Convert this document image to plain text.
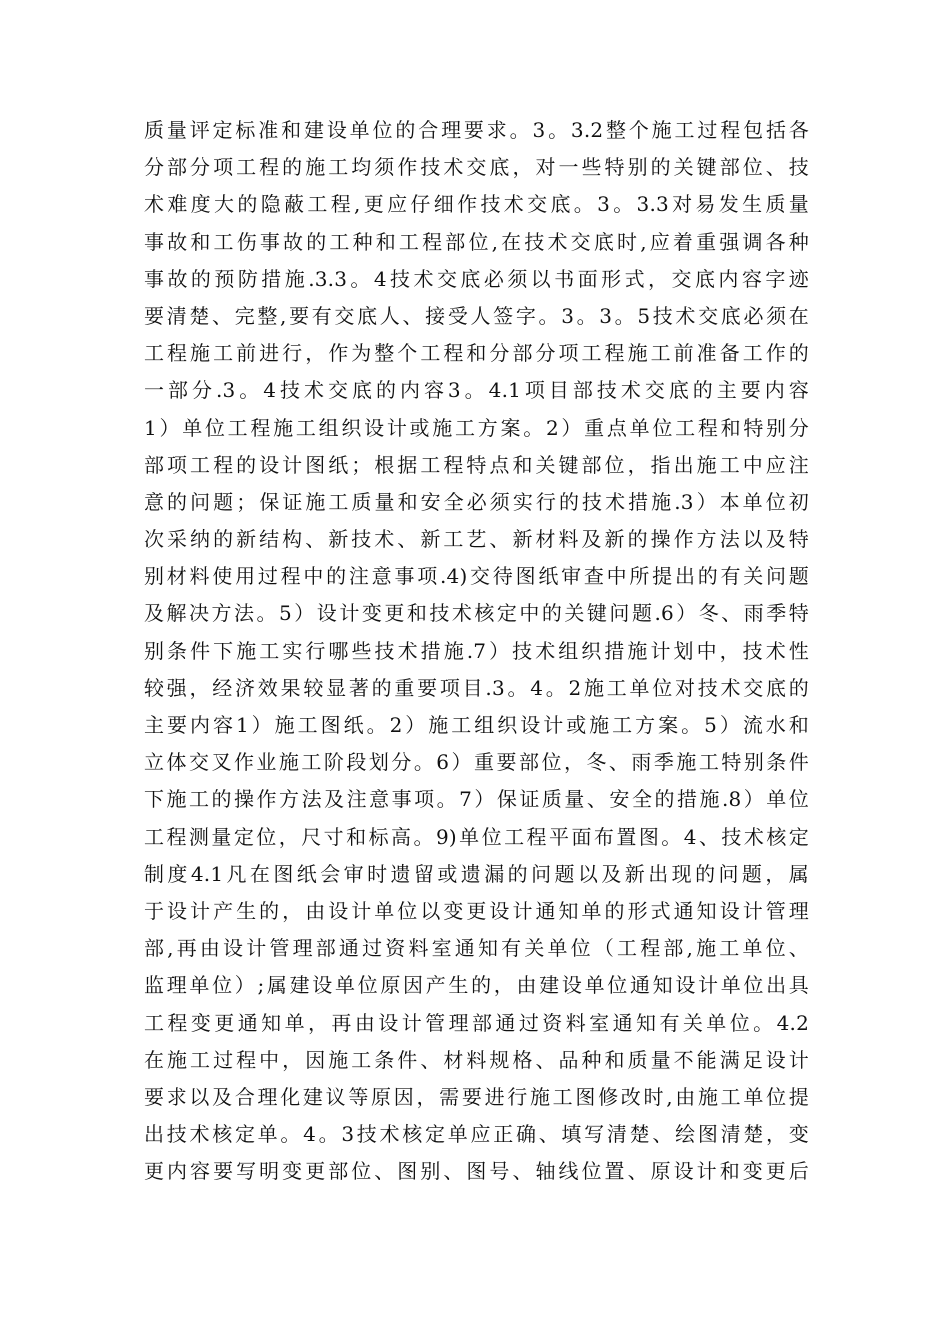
质量评定标准和建设单位的合理要求。3。3.2整个施工过程包括各
分部分项工程的施工均须作技术交底，对一些特别的关键部位、技
术难度大的隐蔽工程,更应仔细作技术交底。3。3.3对易发生质量
事故和工伤事故的工种和工程部位,在技术交底时,应着重强调各种
事故的预防措施.3.3。4技术交底必须以书面形式，交底内容字迹
要清楚、完整,要有交底人、接受人签字。3。3。5技术交底必须在
工程施工前进行，作为整个工程和分部分项工程施工前准备工作的
一部分.3。4技术交底的内容3。4.1项目部技术交底的主要内容
1）单位工程施工组织设计或施工方案。2）重点单位工程和特别分
部项工程的设计图纸；根据工程特点和关键部位，指出施工中应注
意的问题；保证施工质量和安全必须实行的技术措施.3）本单位初
次采纳的新结构、新技术、新工艺、新材料及新的操作方法以及特
别材料使用过程中的注意事项.4)交待图纸审查中所提出的有关问题
及解决方法。5）设计变更和技术核定中的关键问题.6）冬、雨季特
别条件下施工实行哪些技术措施.7）技术组织措施计划中，技术性
较强，经济效果较显著的重要项目.3。4。2施工单位对技术交底的
主要内容1）施工图纸。2）施工组织设计或施工方案。5）流水和
立体交叉作业施工阶段划分。6）重要部位，冬、雨季施工特别条件
下施工的操作方法及注意事项。7）保证质量、安全的措施.8）单位
工程测量定位，尺寸和标高。9)单位工程平面布置图。4、技术核定
制度4.1凡在图纸会审时遗留或遗漏的问题以及新出现的问题，属
于设计产生的，由设计单位以变更设计通知单的形式通知设计管理
部,再由设计管理部通过资料室通知有关单位（工程部,施工单位、
监理单位）;属建设单位原因产生的，由建设单位通知设计单位出具
工程变更通知单，再由设计管理部通过资料室通知有关单位。4.2
在施工过程中，因施工条件、材料规格、品种和质量不能满足设计
要求以及合理化建议等原因，需要进行施工图修改时,由施工单位提
出技术核定单。4。3技术核定单应正确、填写清楚、绘图清楚，变
更内容要写明变更部位、图别、图号、轴线位置、原设计和变更后
